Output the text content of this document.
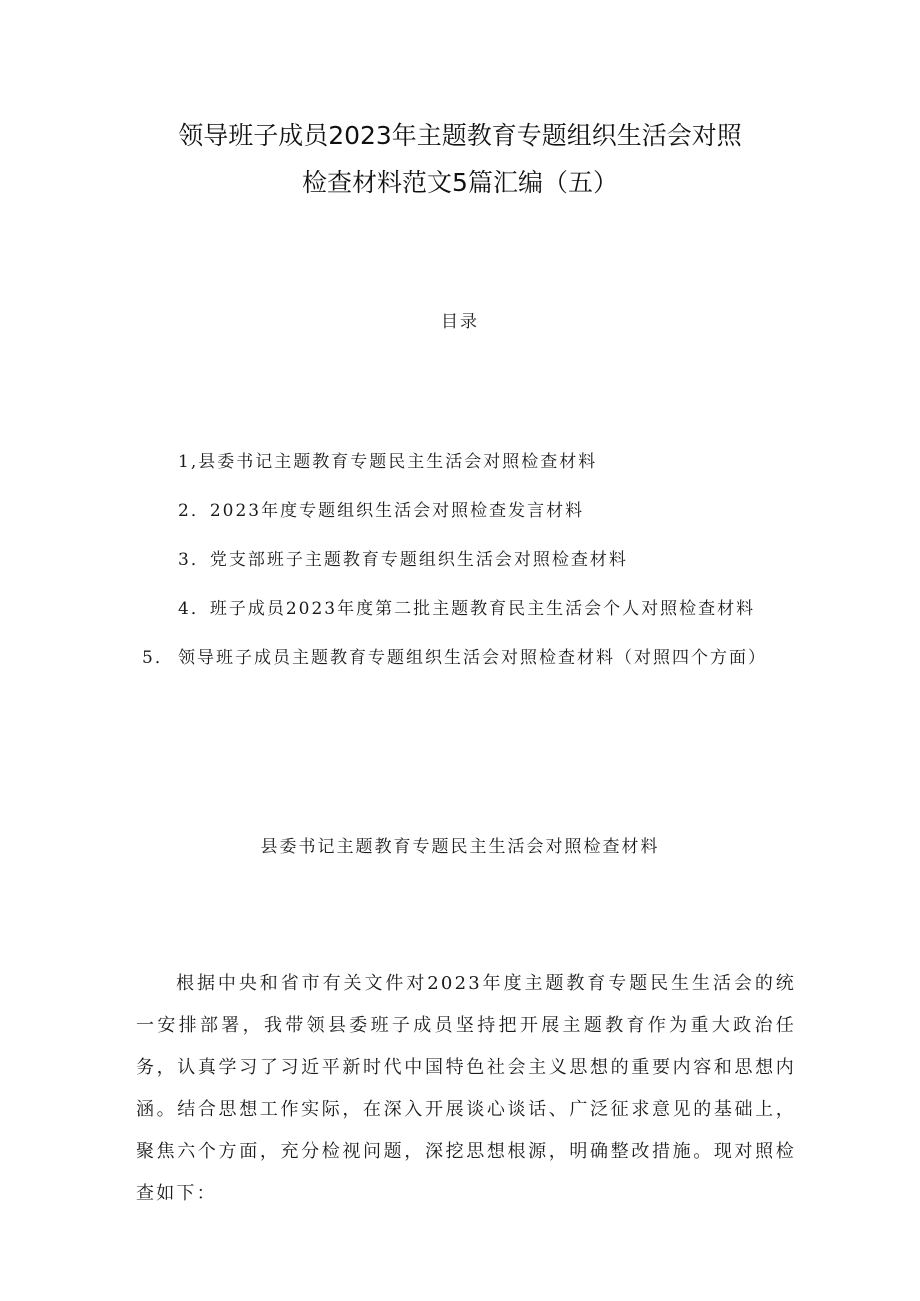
领导班子成员2023年主题教育专题组织生活会对照
检查材料范文5篇汇编（五）
目录
1,县委书记主题教育专题民主生活会对照检查材料
2．2023年度专题组织生活会对照检查发言材料
3．党支部班子主题教育专题组织生活会对照检查材料
4．班子成员2023年度第二批主题教育民主生活会个人对照检查材料
5． 领导班子成员主题教育专题组织生活会对照检查材料（对照四个方面）
县委书记主题教育专题民主生活会对照检查材料

根据中央和省市有关文件对2023年度主题教育专题民生生活会的统一安排部署，我带领县委班子成员坚持把开展主题教育作为重大政治任务，认真学习了习近平新时代中国特色社会主义思想的重要内容和思想内涵。结合思想工作实际，在深入开展谈心谈话、广泛征求意见的基础上，聚焦六个方面，充分检视问题，深挖思想根源，明确整改措施。现对照检查如下：
